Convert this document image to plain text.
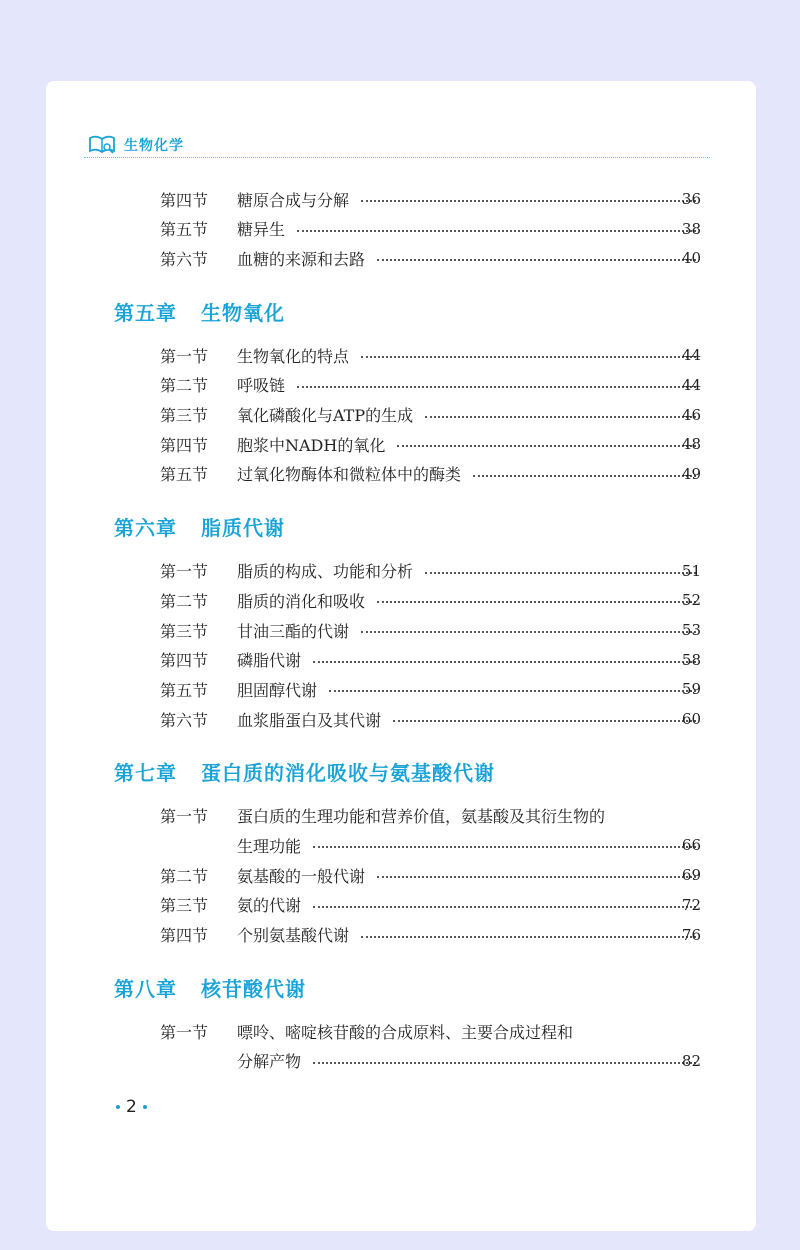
生物化学
第四节	糖原合成与分解	36
第五节	糖异生	38
第六节	血糖的来源和去路	40
第五章 生物氧化
第一节	生物氧化的特点	44
第二节	呼吸链	44
第三节	氧化磷酸化与ATP的生成	46
第四节	胞浆中NADH的氧化	48
第五节	过氧化物酶体和微粒体中的酶类	49
第六章 脂质代谢
第一节	脂质的构成、功能和分析	51
第二节	脂质的消化和吸收	52
第三节	甘油三酯的代谢	53
第四节	磷脂代谢	58
第五节	胆固醇代谢	59
第六节	血浆脂蛋白及其代谢	60
第七章 蛋白质的消化吸收与氨基酸代谢
第一节	蛋白质的生理功能和营养价值，氨基酸及其衍生物的
生理功能	66
第二节	氨基酸的一般代谢	69
第三节	氨的代谢	72
第四节	个别氨基酸代谢	76
第八章 核苷酸代谢
第一节	嘌呤、嘧啶核苷酸的合成原料、主要合成过程和
分解产物	82
2
